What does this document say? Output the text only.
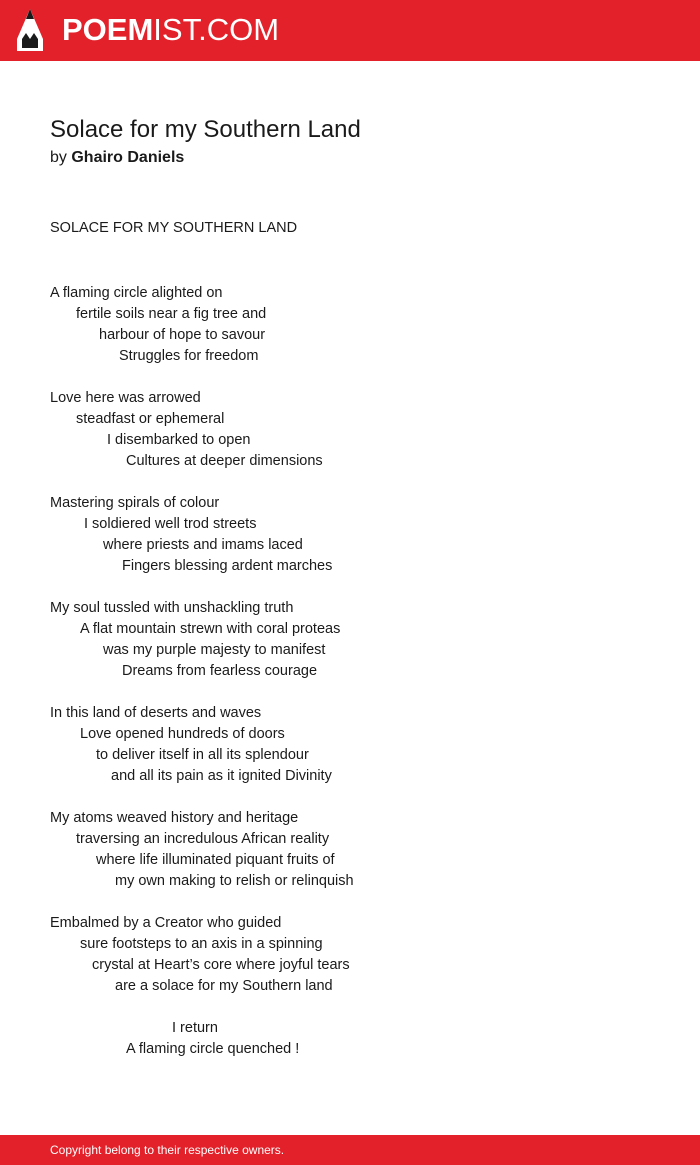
POEMIST.COM
Solace for my Southern Land
by Ghairo Daniels
SOLACE FOR MY SOUTHERN LAND
A flaming circle alighted on
fertile soils near a fig tree and
harbour of hope to savour
Struggles for freedom
Love here was arrowed
steadfast or ephemeral
I disembarked to open
Cultures at deeper dimensions
Mastering spirals of colour
I soldiered well trod streets
where priests and imams laced
Fingers blessing ardent marches
My soul tussled with unshackling truth
A flat mountain strewn with coral proteas
was my purple majesty to manifest
Dreams from fearless courage
In this land of deserts and waves
Love opened hundreds of doors
to deliver itself in all its splendour
and all its pain as it ignited Divinity
My atoms weaved history and heritage
traversing an incredulous African reality
where life illuminated piquant fruits of
my own making to relish or relinquish
Embalmed by a Creator who guided
sure footsteps to an axis in a spinning
crystal at Heart’s core where joyful tears
are a solace for my Southern land
I return
A flaming circle quenched !
Copyright belong to their respective owners.
